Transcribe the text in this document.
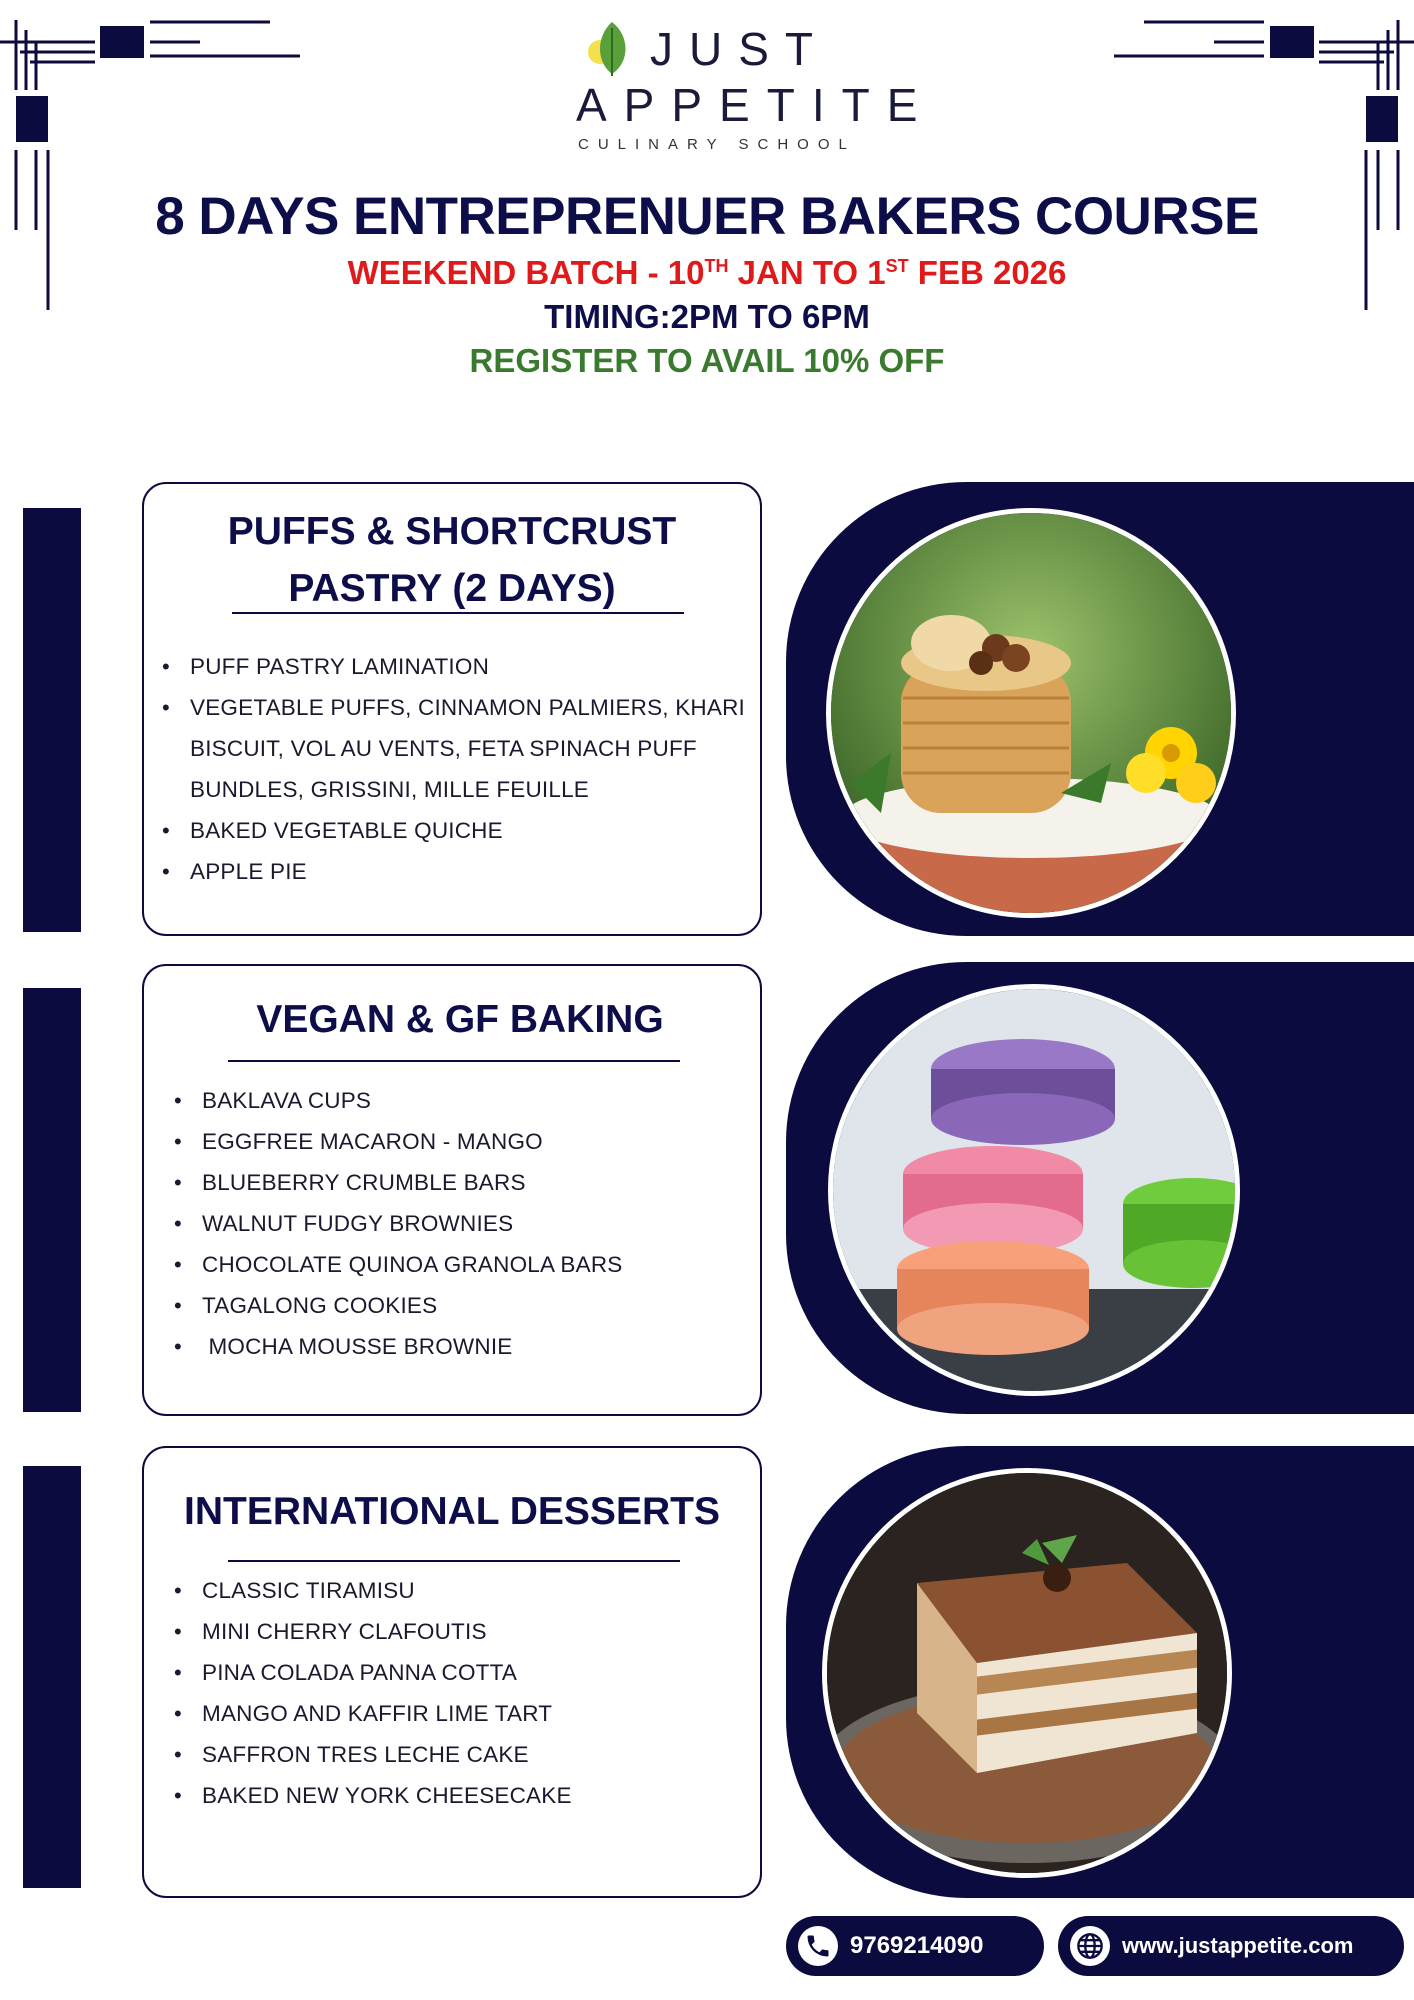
JUST
APPETITE
CULINARY SCHOOL
8 DAYS ENTREPRENUER BAKERS COURSE
WEEKEND BATCH - 10TH JAN TO 1ST FEB 2026
TIMING:2PM TO 6PM
REGISTER TO AVAIL 10% OFF
PUFFS & SHORTCRUST
PASTRY (2 DAYS)
• PUFF PASTRY LAMINATION
• VEGETABLE PUFFS, CINNAMON PALMIERS, KHARI
BISCUIT, VOL AU VENTS, FETA SPINACH PUFF
BUNDLES, GRISSINI, MILLE FEUILLE
• BAKED VEGETABLE QUICHE
• APPLE PIE
VEGAN & GF BAKING
• BAKLAVA CUPS
• EGGFREE MACARON - MANGO
• BLUEBERRY CRUMBLE BARS
• WALNUT FUDGY BROWNIES
• CHOCOLATE QUINOA GRANOLA BARS
• TAGALONG COOKIES
•  MOCHA MOUSSE BROWNIE
INTERNATIONAL DESSERTS
• CLASSIC TIRAMISU
• MINI CHERRY CLAFOUTIS
• PINA COLADA PANNA COTTA
• MANGO AND KAFFIR LIME TART
• SAFFRON TRES LECHE CAKE
• BAKED NEW YORK CHEESECAKE
9769214090	www.justappetite.com
